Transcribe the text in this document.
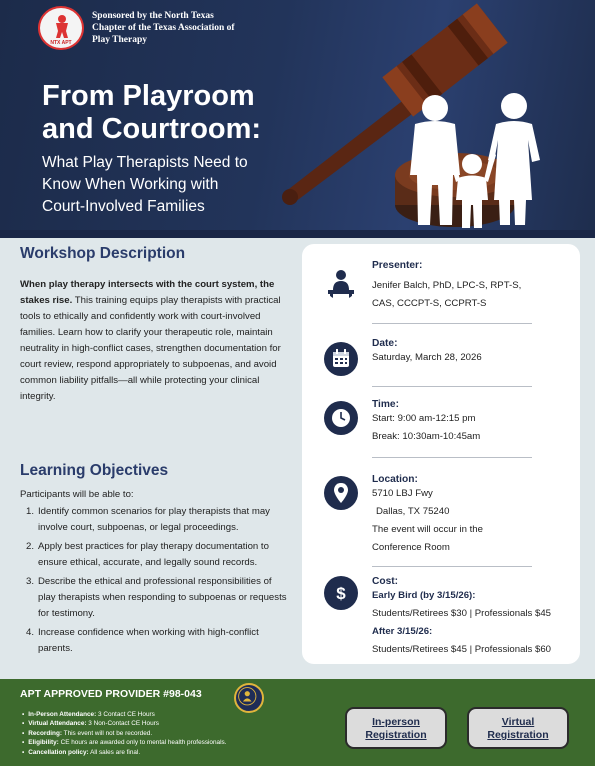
NTX APT
Sponsored by the North Texas Chapter of the Texas Association of Play Therapy
From Playroom
and Courtroom:
What Play Therapists Need to
Know When Working with
Court-Involved Families
Workshop Description
When play therapy intersects with the court system, the stakes rise. This training equips play therapists with practical tools to ethically and confidently work with court-involved families. Learn how to clarify your therapeutic role, maintain neutrality in high-conflict cases, strengthen documentation for court review, respond appropriately to subpoenas, and avoid common liability pitfalls—all while protecting your clinical integrity.
Learning Objectives
Participants will be able to:
1. Identify common scenarios for play therapists that may involve court, subpoenas, or legal proceedings.
2. Apply best practices for play therapy documentation to ensure ethical, accurate, and legally sound records.
3. Describe the ethical and professional responsibilities of play therapists when responding to subpoenas or requests for testimony.
4. Increase confidence when working with high-conflict parents.
Presenter:
Jenifer Balch, PhD, LPC-S, RPT-S,
CAS, CCCPT-S, CCPRT-S
Date:
Saturday, March 28, 2026
Time:
Start: 9:00 am-12:15 pm
Break: 10:30am-10:45am
Location:
5710 LBJ Fwy
Dallas, TX 75240
The event will occur in the
Conference Room
$
Cost:
Early Bird (by 3/15/26):
Students/Retirees $30 | Professionals $45
After 3/15/26:
Students/Retirees $45 | Professionals $60
APT APPROVED PROVIDER #98-043
▪ In-Person Attendance: 3 Contact CE Hours
▪ Virtual Attendance: 3 Non-Contact CE Hours
▪ Recording: This event will not be recorded.
▪ Eligibility: CE hours are awarded only to mental health professionals.
▪ Cancellation policy: All sales are final.
In-person
Registration
Virtual
Registration
